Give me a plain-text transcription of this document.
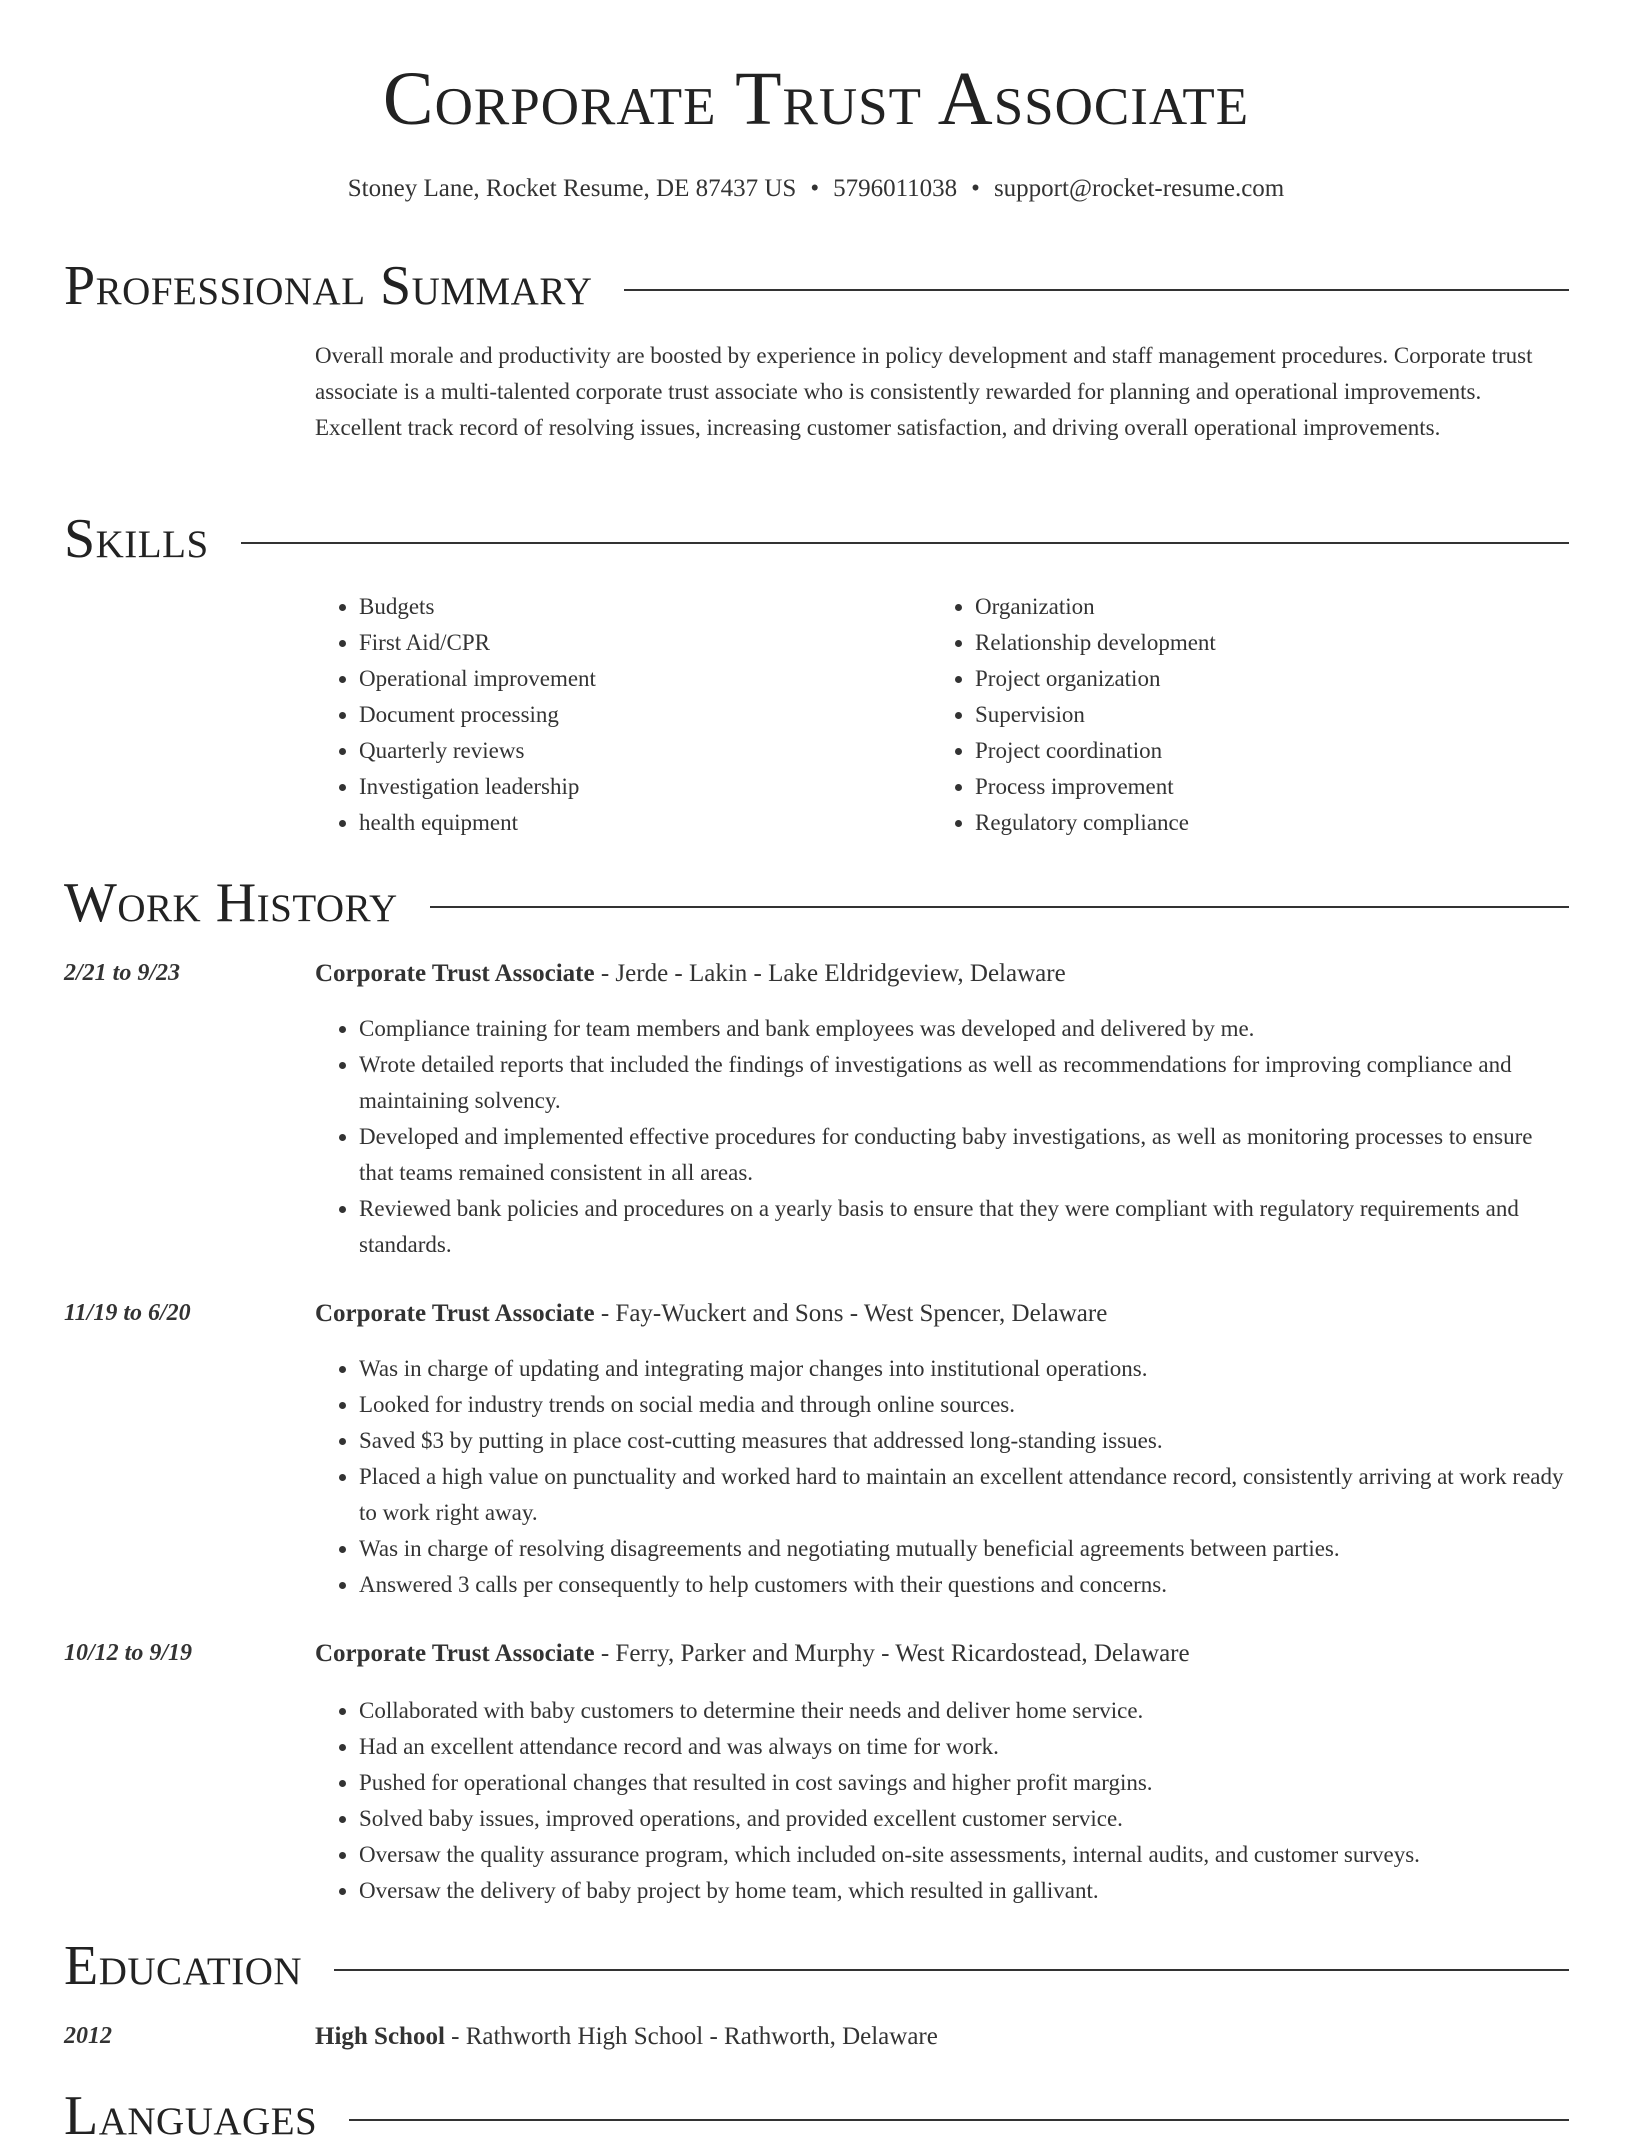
Corporate Trust Associate
Stoney Lane, Rocket Resume, DE 87437 US • 5796011038 • support@rocket-resume.com
Professional Summary
Overall morale and productivity are boosted by experience in policy development and staff management procedures. Corporate trust associate is a multi-talented corporate trust associate who is consistently rewarded for planning and operational improvements. Excellent track record of resolving issues, increasing customer satisfaction, and driving overall operational improvements.
Skills
• Budgets
• First Aid/CPR
• Operational improvement
• Document processing
• Quarterly reviews
• Investigation leadership
• health equipment
• Organization
• Relationship development
• Project organization
• Supervision
• Project coordination
• Process improvement
• Regulatory compliance
Work History
2/21 to 9/23	Corporate Trust Associate - Jerde - Lakin - Lake Eldridgeview, Delaware
• Compliance training for team members and bank employees was developed and delivered by me.
• Wrote detailed reports that included the findings of investigations as well as recommendations for improving compliance and maintaining solvency.
• Developed and implemented effective procedures for conducting baby investigations, as well as monitoring processes to ensure that teams remained consistent in all areas.
• Reviewed bank policies and procedures on a yearly basis to ensure that they were compliant with regulatory requirements and standards.
11/19 to 6/20	Corporate Trust Associate - Fay-Wuckert and Sons - West Spencer, Delaware
• Was in charge of updating and integrating major changes into institutional operations.
• Looked for industry trends on social media and through online sources.
• Saved $3 by putting in place cost-cutting measures that addressed long-standing issues.
• Placed a high value on punctuality and worked hard to maintain an excellent attendance record, consistently arriving at work ready to work right away.
• Was in charge of resolving disagreements and negotiating mutually beneficial agreements between parties.
• Answered 3 calls per consequently to help customers with their questions and concerns.
10/12 to 9/19	Corporate Trust Associate - Ferry, Parker and Murphy - West Ricardostead, Delaware
• Collaborated with baby customers to determine their needs and deliver home service.
• Had an excellent attendance record and was always on time for work.
• Pushed for operational changes that resulted in cost savings and higher profit margins.
• Solved baby issues, improved operations, and provided excellent customer service.
• Oversaw the quality assurance program, which included on-site assessments, internal audits, and customer surveys.
• Oversaw the delivery of baby project by home team, which resulted in gallivant.
Education
2012	High School - Rathworth High School - Rathworth, Delaware
Languages
